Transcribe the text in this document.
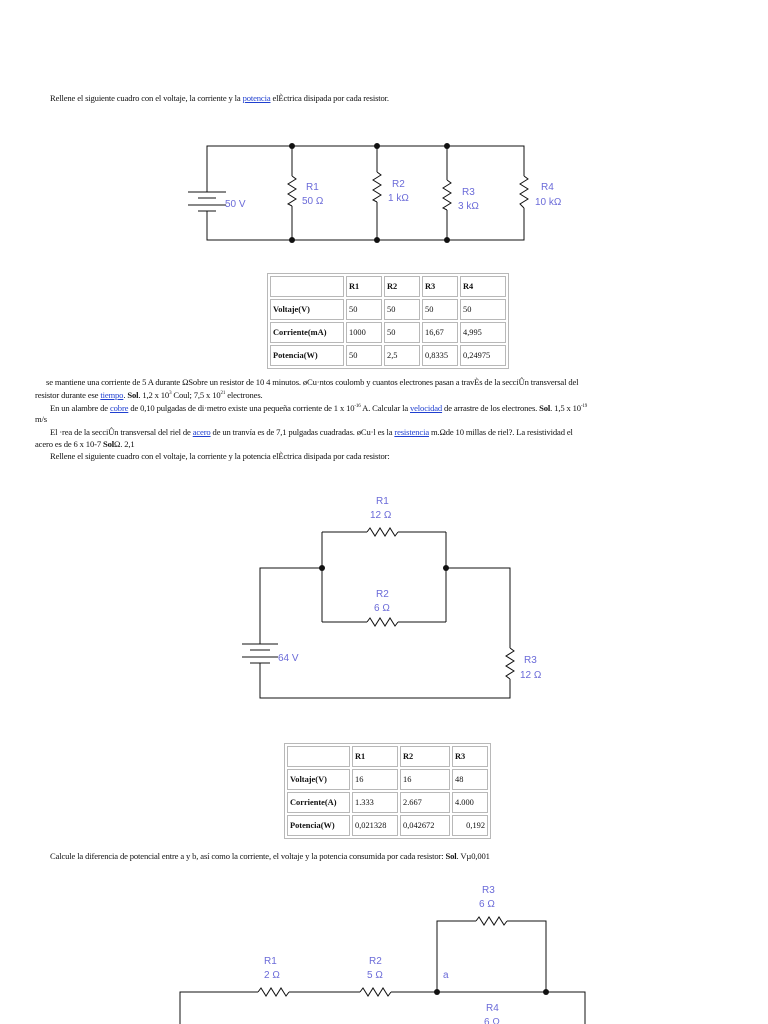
Rellene el siguiente cuadro con el voltaje, la corriente y la potencia elÈctrica disipada por cada resistor.
50 V
R1
50 Ω
R2
1 kΩ
R3
3 kΩ
R4
10 kΩ
	R1	R2	R3	R4
Voltaje(V)	50	50	50	50
Corriente(mA)	1000	50	16,67	4,995
Potencia(W)	50	2,5	0,8335	0,24975
se mantiene una corriente de 5 A durante ΩSobre un resistor de 10 4 minutos. øCu·ntos coulomb y cuantos electrones pasan a travÈs de la secciÛn transversal del
resistor durante ese tiempo. Sol. 1,2 x $10^3$ Coul; 7,5 x $10^{21}$ electrones.
En un alambre de cobre de 0,10 pulgadas de di·metro existe una pequeña corriente de 1 x $10^{-16}$ A. Calcular la velocidad de arrastre de los electrones. Sol. 1,5 x $10^{-19}$
m/s
El ·rea de la secciÛn transversal del riel de acero de un tranvía es de 7,1 pulgadas cuadradas. øCu·l es la resistencia m.Ωde 10 millas de riel?. La resistividad el
acero es de 6 x 10-7 SolΩ. 2,1
Rellene el siguiente cuadro con el voltaje, la corriente y la potencia elÈctrica disipada por cada resistor:
R1
12 Ω
R2
6 Ω
64 V	R3
12 Ω
	R1	R2	R3
Voltaje(V)	16	16	48
Corriente(A)	1.333	2.667	4.000
Potencia(W)	0,021328	0,042672	0,192
Calcule la diferencia de potencial entre a y b, así como la corriente, el voltaje y la potencia consumida por cada resistor: Sol. Vµ0,001
R3
6 Ω
R1
2 Ω
R2
5 Ω	a
R4
6 Ω
